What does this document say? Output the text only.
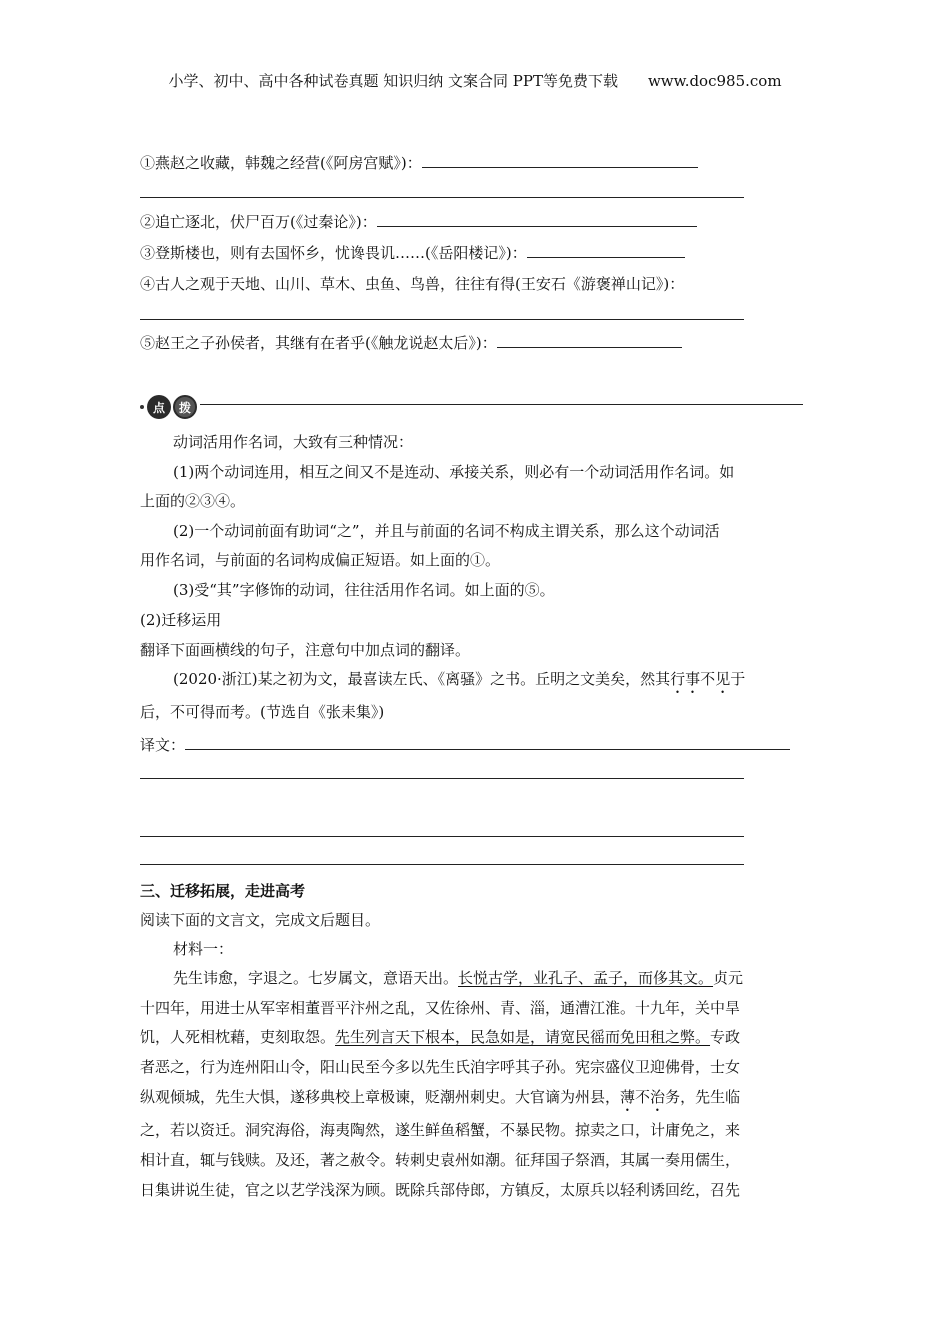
小学、初中、高中各种试卷真题 知识归纳 文案合同 PPT等免费下载 www.doc985.com
①燕赵之收藏，韩魏之经营(《阿房宫赋》)：
②追亡逐北，伏尸百万(《过秦论》)：
③登斯楼也，则有去国怀乡，忧谗畏讥……(《岳阳楼记》)：
④古人之观于天地、山川、草木、虫鱼、鸟兽，往往有得(王安石《游褒禅山记》)：
⑤赵王之子孙侯者，其继有在者乎(《触龙说赵太后》)：
点	拨
动词活用作名词，大致有三种情况：
(1)两个动词连用，相互之间又不是连动、承接关系，则必有一个动词活用作名词。如
上面的②③④。
(2)一个动词前面有助词“之”，并且与前面的名词不构成主谓关系，那么这个动词活
用作名词，与前面的名词构成偏正短语。如上面的①。
(3)受“其”字修饰的动词，往往活用作名词。如上面的⑤。
(2)迁移运用
翻译下面画横线的句子，注意句中加点词的翻译。
(2020·浙江)某之初为文，最喜读左氏、《离骚》之书。丘明之文美矣，然其行事不见于
后，不可得而考。(节选自《张耒集》)
译文：
三、迁移拓展，走进高考
阅读下面的文言文，完成文后题目。
材料一：
先生讳愈，字退之。七岁属文，意语天出。长悦古学，业孔子、孟子，而侈其文。贞元
十四年，用进士从军宰相董晋平汴州之乱，又佐徐州、青、淄，通漕江淮。十九年，关中旱
饥，人死相枕藉，吏刻取怨。先生列言天下根本，民急如是，请宽民徭而免田租之弊。专政
者恶之，行为连州阳山令，阳山民至今多以先生氏洎字呼其子孙。宪宗盛仪卫迎佛骨，士女
纵观倾城，先生大惧，遂移典校上章极谏，贬潮州刺史。大官谪为州县，薄不治务，先生临
之，若以资迁。洞究海俗，海夷陶然，遂生鲜鱼稻蟹，不暴民物。掠卖之口，计庸免之，来
相计直，辄与钱赎。及还，著之赦令。转刺史袁州如潮。征拜国子祭酒，其属一奏用儒生，
日集讲说生徒，官之以艺学浅深为顾。既除兵部侍郎，方镇反，太原兵以轻利诱回纥，召先
